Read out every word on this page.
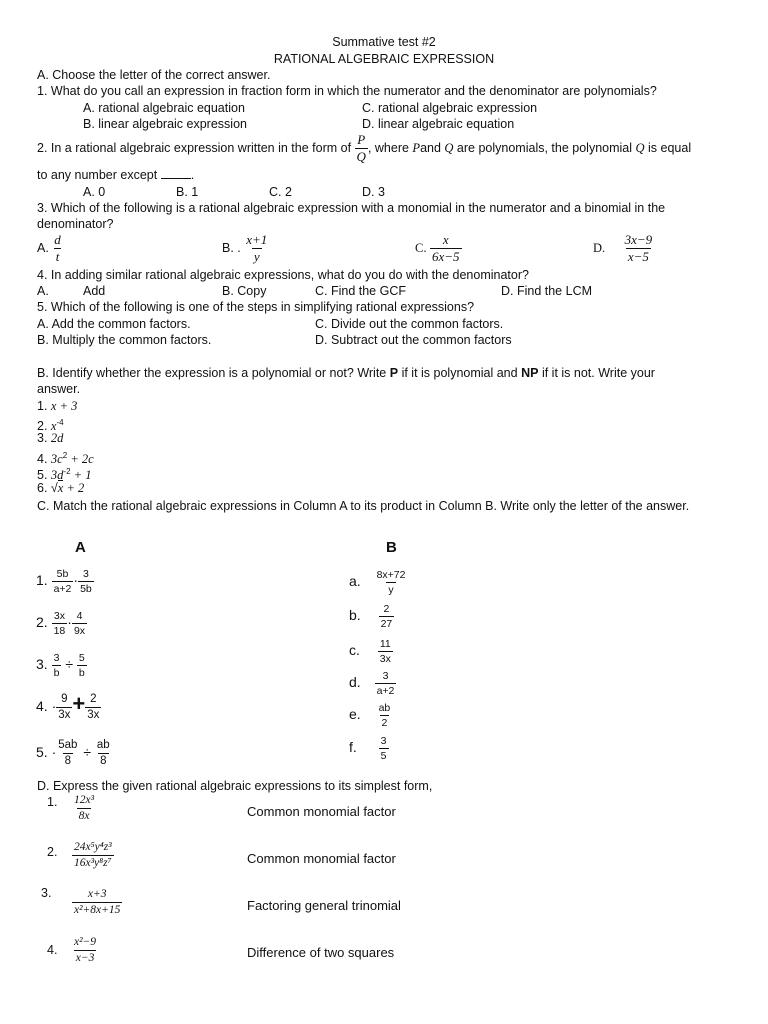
Summative test #2
RATIONAL ALGEBRAIC EXPRESSION
A. Choose the letter of the correct answer.
1. What do you call an expression in fraction form in which the numerator and the denominator are polynomials?
A. rational algebraic equation	C. rational algebraic expression
B. linear algebraic expression	D. linear algebraic equation
2. In a rational algebraic expression written in the form of $\frac{P}{Q}$ , where Pand Q are polynomials, the polynomial Q is equal
to any number except	.
A. 0	B. 1	C. 2	D. 3
3. Which of the following is a rational algebraic expression with a monomial in the numerator and a binomial in the
denominator?
A. $\frac{d}{t}$	B. . $\frac{x+1}{y}$	C. $\frac{x}{6x-5}$	D. $\frac{3x-9}{x-5}$
4. In adding similar rational algebraic expressions, what do you do with the denominator?
A.	Add	B. Copy	C. Find the GCF	D. Find the LCM
5. Which of the following is one of the steps in simplifying rational expressions?
A. Add the common factors.	C. Divide out the common factors.
B. Multiply the common factors.	D. Subtract out the common factors
B. Identify whether the expression is a polynomial or not? Write P if it is polynomial and NP if it is not. Write your
answer.
1. x + 3
2. $x^{-4}$
3. 2d
4. $3c^2 + 2c$
5. $3d^{-2} + 1$
6. √x + 2
C. Match the rational algebraic expressions in Column A to its product in Column B. Write only the letter of the answer.
A	B
1. $\frac{5b}{a+2} \cdot \frac{3}{5b}$
2. $\frac{3x}{18} \cdot \frac{4}{9x}$
3. $\frac{3}{b} \div \frac{5}{b}$
4. · $\frac{9}{3x} + \frac{2}{3x}$
5. · $\frac{5ab}{8} \div \frac{ab}{8}$
a. $\frac{8x+72}{y}$
b. $\frac{2}{27}$
c. $\frac{11}{3x}$
d. $\frac{3}{a+2}$
e. $\frac{ab}{2}$
f. $\frac{3}{5}$
D. Express the given rational algebraic expressions to its simplest form,
1. $\frac{\text{12x³}}{8x}$	Common monomial factor
2. $\frac{\text{24x⁵y⁴z³}}{\text{16x³y⁸z⁷}}$	Common monomial factor
3. $\frac{x+3}{\text{x²+8x+15}}$	Factoring general trinomial
4. $\frac{\text{x²−9}}{x-3}$	Difference of two squares
